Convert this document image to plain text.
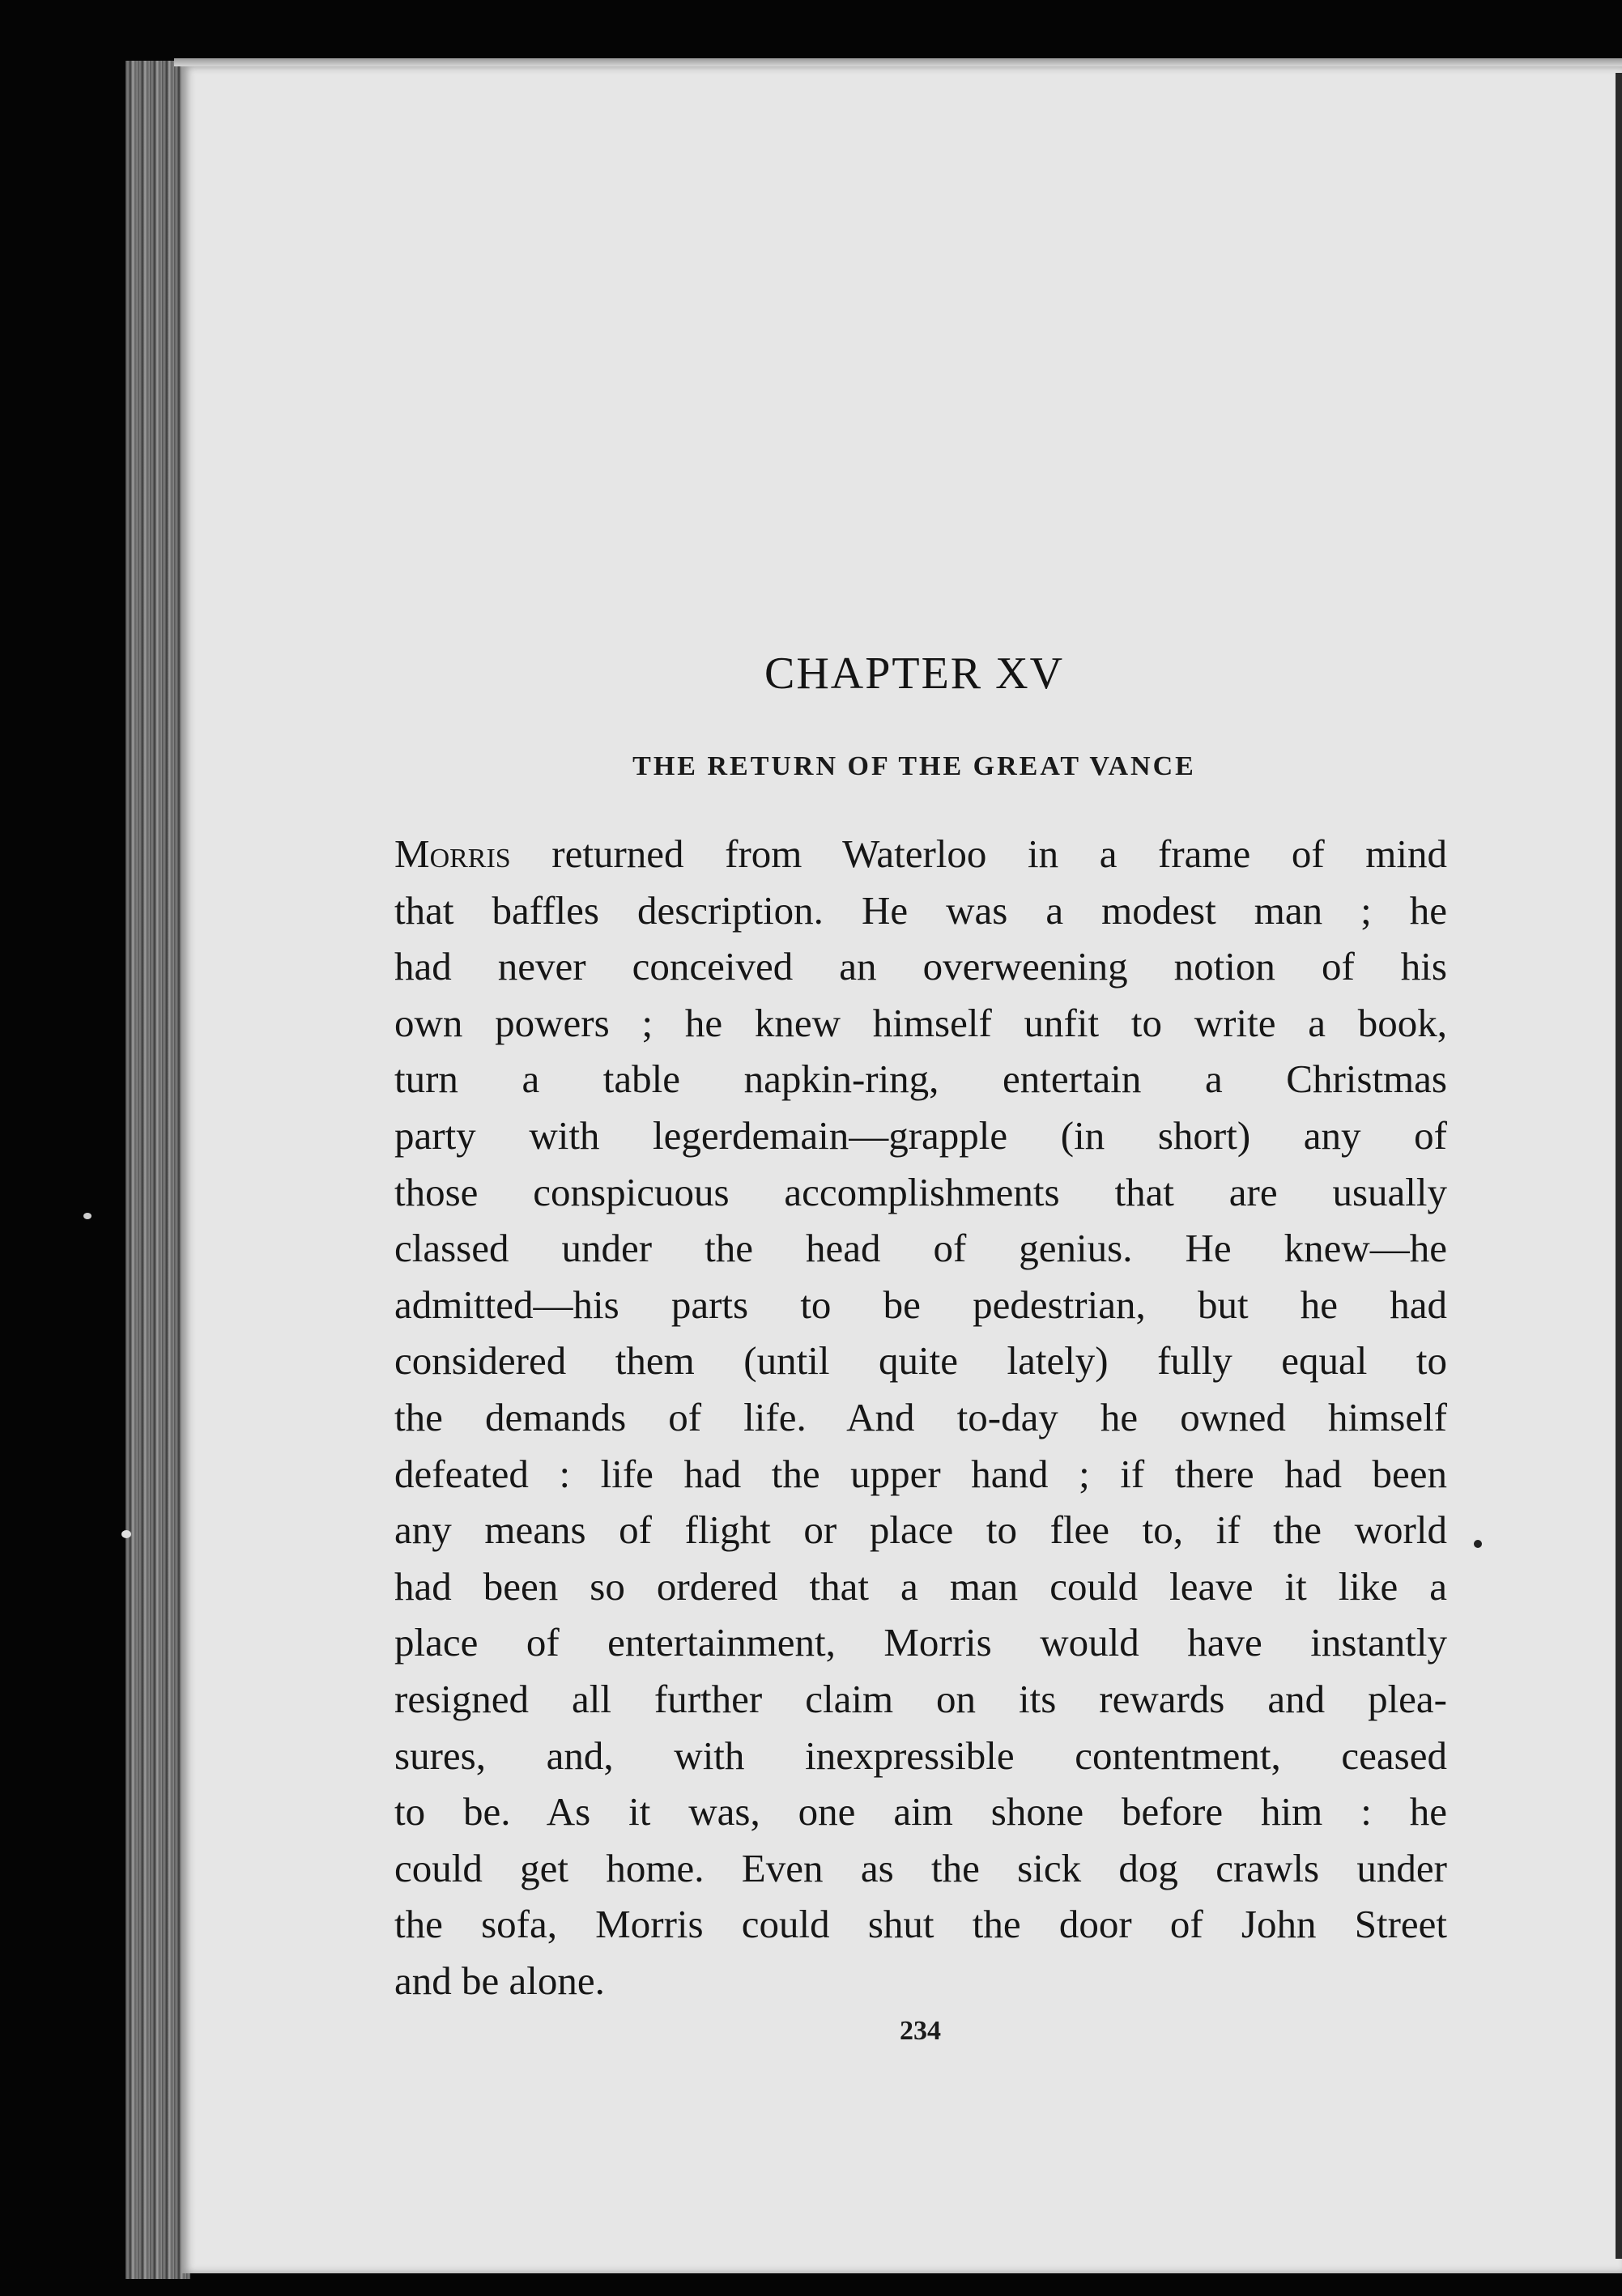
CHAPTER XV
THE RETURN OF THE GREAT VANCE
Morris returned from Waterloo in a frame of mind
that baffles description. He was a modest man ; he
had never conceived an overweening notion of his
own powers ; he knew himself unfit to write a book,
turn a table napkin-ring, entertain a Christmas
party with legerdemain—grapple (in short) any of
those conspicuous accomplishments that are usually
classed under the head of genius. He knew—he
admitted—his parts to be pedestrian, but he had
considered them (until quite lately) fully equal to
the demands of life. And to-day he owned himself
defeated : life had the upper hand ; if there had been
any means of flight or place to flee to, if the world
had been so ordered that a man could leave it like a
place of entertainment, Morris would have instantly
resigned all further claim on its rewards and plea-
sures, and, with inexpressible contentment, ceased
to be. As it was, one aim shone before him : he
could get home. Even as the sick dog crawls under
the sofa, Morris could shut the door of John Street
and be alone.
234
